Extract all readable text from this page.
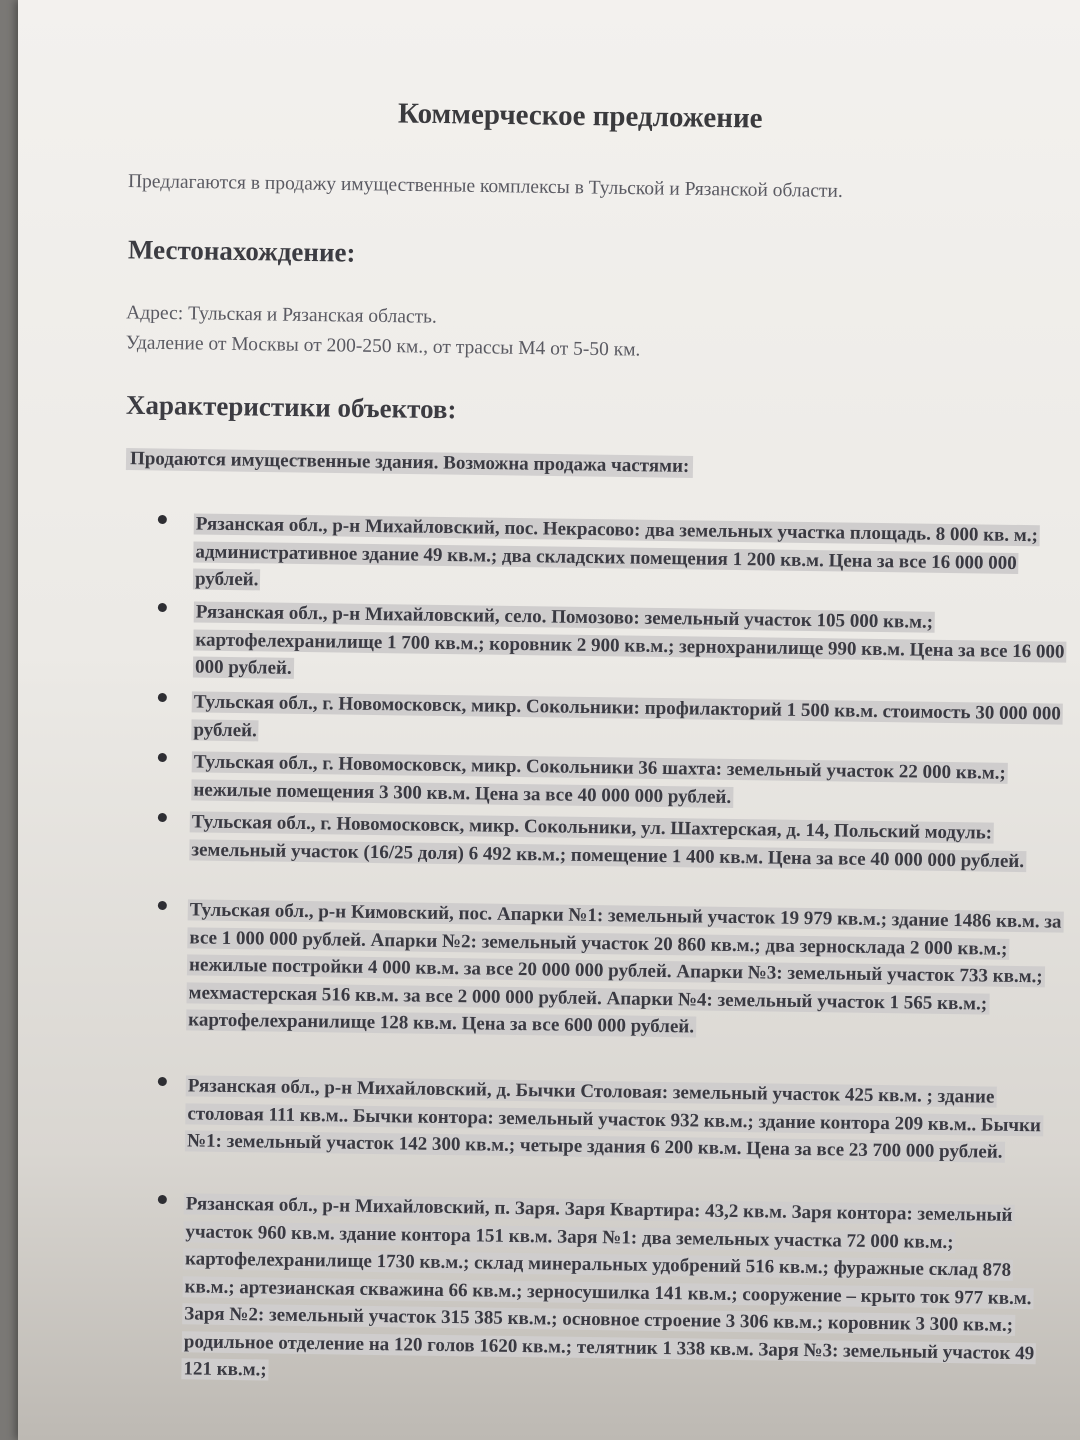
Коммерческое предложение
Предлагаются в продажу имущественные комплексы в Тульской и Рязанской области.
Местонахождение:
Адрес: Тульская и Рязанская область.
Удаление от Москвы от 200-250 км., от трассы М4 от 5-50 км.
Характеристики объектов:
Продаются имущественные здания. Возможна продажа частями:
Рязанская обл., р-н Михайловский, пос. Некрасово: два земельных участка площадь. 8 000 кв. м.; административное здание 49 кв.м.; два складских помещения 1 200 кв.м. Цена за все 16 000 000 рублей.
Рязанская обл., р-н Михайловский, село. Помозово: земельный участок 105 000 кв.м.; картофелехранилище 1 700 кв.м.; коровник 2 900 кв.м.; зернохранилище 990 кв.м. Цена за все 16 000 000 рублей.
Тульская обл., г. Новомосковск, микр. Сокольники: профилакторий 1 500 кв.м. стоимость 30 000 000 рублей.
Тульская обл., г. Новомосковск, микр. Сокольники 36 шахта: земельный участок 22 000 кв.м.; нежилые помещения 3 300 кв.м. Цена за все 40 000 000 рублей.
Тульская обл., г. Новомосковск, микр. Сокольники, ул. Шахтерская, д. 14, Польский модуль: земельный участок (16/25 доля) 6 492 кв.м.; помещение 1 400 кв.м. Цена за все 40 000 000 рублей.
Тульская обл., р-н Кимовский, пос. Апарки №1: земельный участок 19 979 кв.м.; здание 1486 кв.м. за все 1 000 000 рублей. Апарки №2: земельный участок 20 860 кв.м.; два зерносклада 2 000 кв.м.; нежилые постройки 4 000 кв.м. за все 20 000 000 рублей. Апарки №3: земельный участок 733 кв.м.; мехмастерская 516 кв.м. за все 2 000 000 рублей. Апарки №4: земельный участок 1 565 кв.м.; картофелехранилище 128 кв.м. Цена за все 600 000 рублей.
Рязанская обл., р-н Михайловский, д. Бычки Столовая: земельный участок 425 кв.м. ; здание столовая 111 кв.м.. Бычки контора: земельный участок 932 кв.м.; здание контора 209 кв.м.. Бычки №1: земельный участок 142 300 кв.м.; четыре здания 6 200 кв.м. Цена за все 23 700 000 рублей.
Рязанская обл., р-н Михайловский, п. Заря. Заря Квартира: 43,2 кв.м. Заря контора: земельный участок 960 кв.м. здание контора 151 кв.м. Заря №1: два земельных участка 72 000 кв.м.; картофелехранилище 1730 кв.м.; склад минеральных удобрений 516 кв.м.; фуражные склад 878 кв.м.; артезианская скважина 66 кв.м.; зерносушилка 141 кв.м.; сооружение – крыто ток 977 кв.м. Заря №2: земельный участок 315 385 кв.м.; основное строение 3 306 кв.м.; коровник 3 300 кв.м.; родильное отделение на 120 голов 1620 кв.м.; телятник 1 338 кв.м. Заря №3: земельный участок 49 121 кв.м.;
